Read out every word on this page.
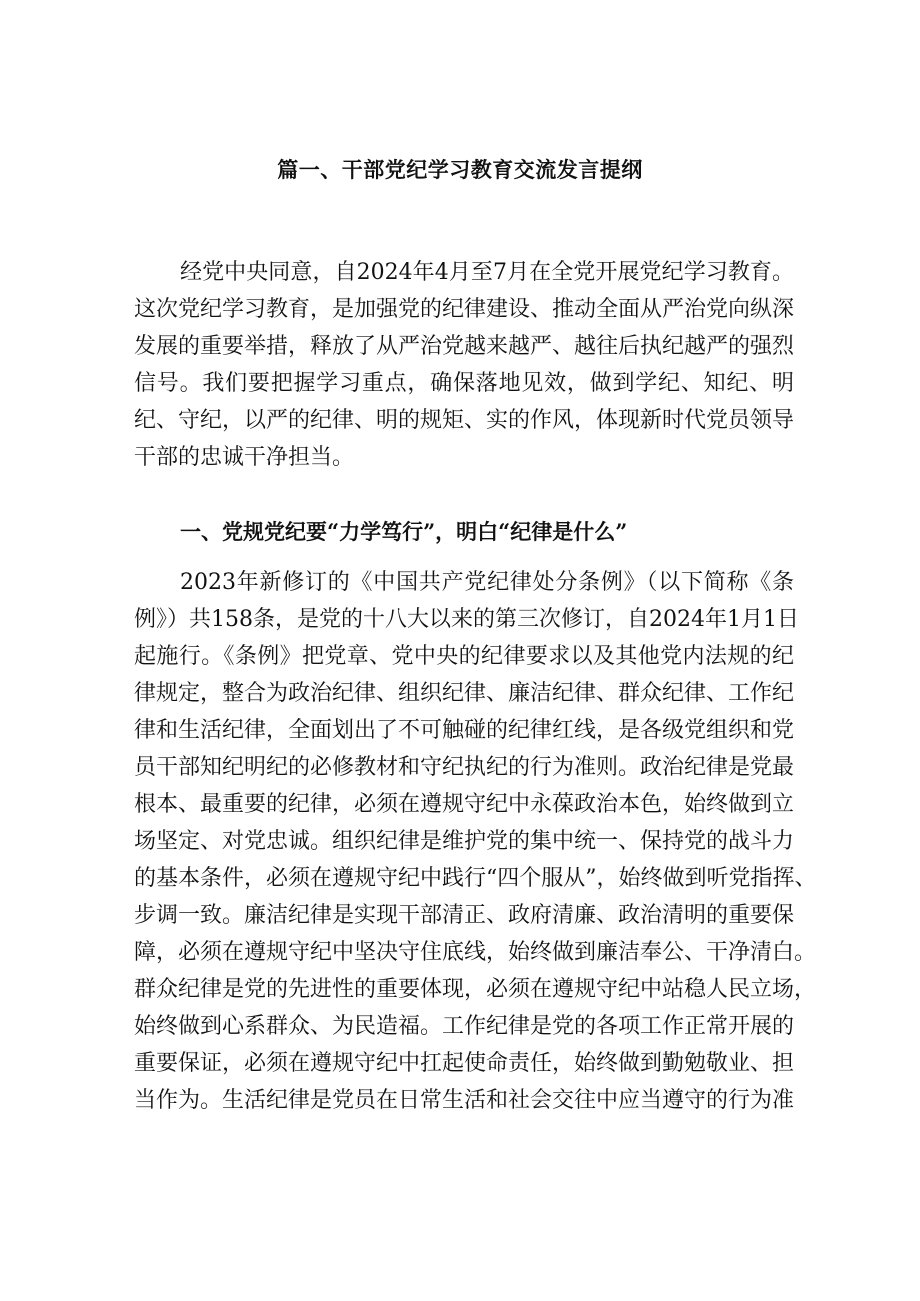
篇一、干部党纪学习教育交流发言提纲
经党中央同意，自2024年4月至7月在全党开展党纪学习教育。
这次党纪学习教育，是加强党的纪律建设、推动全面从严治党向纵深
发展的重要举措，释放了从严治党越来越严、越往后执纪越严的强烈
信号。我们要把握学习重点，确保落地见效，做到学纪、知纪、明
纪、守纪，以严的纪律、明的规矩、实的作风，体现新时代党员领导
干部的忠诚干净担当。
一、党规党纪要“力学笃行”，明白“纪律是什么”
2023年新修订的《中国共产党纪律处分条例》（以下简称《条
例》）共158条，是党的十八大以来的第三次修订，自2024年1月1日
起施行。《条例》把党章、党中央的纪律要求以及其他党内法规的纪
律规定，整合为政治纪律、组织纪律、廉洁纪律、群众纪律、工作纪
律和生活纪律，全面划出了不可触碰的纪律红线，是各级党组织和党
员干部知纪明纪的必修教材和守纪执纪的行为准则。政治纪律是党最
根本、最重要的纪律，必须在遵规守纪中永葆政治本色，始终做到立
场坚定、对党忠诚。组织纪律是维护党的集中统一、保持党的战斗力
的基本条件，必须在遵规守纪中践行“四个服从”，始终做到听党指挥、
步调一致。廉洁纪律是实现干部清正、政府清廉、政治清明的重要保
障，必须在遵规守纪中坚决守住底线，始终做到廉洁奉公、干净清白。
群众纪律是党的先进性的重要体现，必须在遵规守纪中站稳人民立场，
始终做到心系群众、为民造福。工作纪律是党的各项工作正常开展的
重要保证，必须在遵规守纪中扛起使命责任，始终做到勤勉敬业、担
当作为。生活纪律是党员在日常生活和社会交往中应当遵守的行为准
